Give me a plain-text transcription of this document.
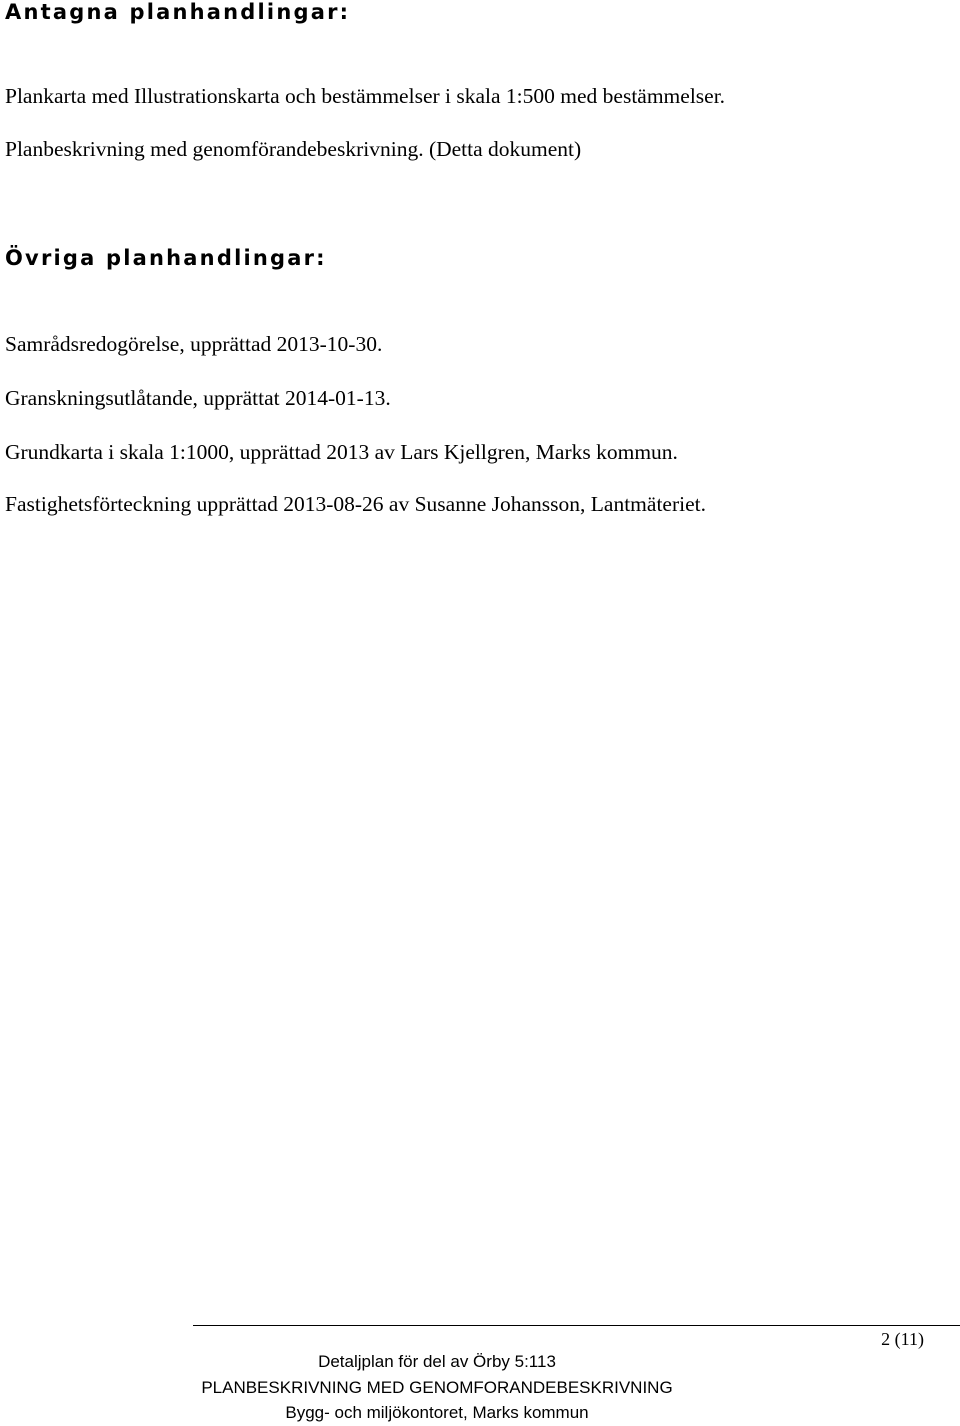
Antagna planhandlingar:

Plankarta med Illustrationskarta och bestämmelser i skala 1:500 med bestämmelser.

Planbeskrivning med genomförandebeskrivning. (Detta dokument)

Övriga planhandlingar:

Samrådsredogörelse, upprättad 2013-10-30.

Granskningsutlåtande, upprättat 2014-01-13.

Grundkarta i skala 1:1000, upprättad 2013 av Lars Kjellgren, Marks kommun.

Fastighetsförteckning upprättad 2013-08-26 av Susanne Johansson, Lantmäteriet.

2 (11)
Detaljplan för del av Örby 5:113
PLANBESKRIVNING MED GENOMFORANDEBESKRIVNING
Bygg- och miljökontoret, Marks kommun
